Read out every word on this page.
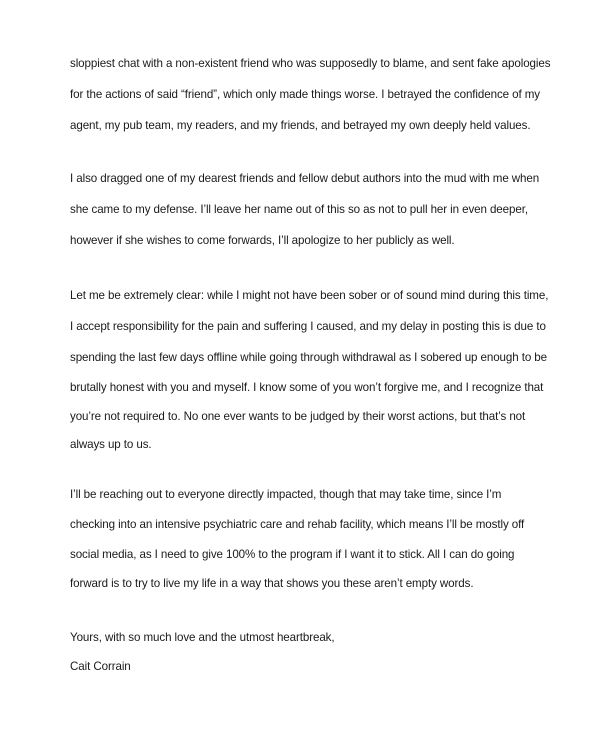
sloppiest chat with a non-existent friend who was supposedly to blame, and sent fake apologies

for the actions of said “friend”, which only made things worse. I betrayed the confidence of my

agent, my pub team, my readers, and my friends, and betrayed my own deeply held values.

I also dragged one of my dearest friends and fellow debut authors into the mud with me when

she came to my defense. I’ll leave her name out of this so as not to pull her in even deeper,

however if she wishes to come forwards, I’ll apologize to her publicly as well.

Let me be extremely clear: while I might not have been sober or of sound mind during this time,

I accept responsibility for the pain and suffering I caused, and my delay in posting this is due to

spending the last few days offline while going through withdrawal as I sobered up enough to be

brutally honest with you and myself. I know some of you won’t forgive me, and I recognize that

you’re not required to. No one ever wants to be judged by their worst actions, but that’s not

always up to us.

I’ll be reaching out to everyone directly impacted, though that may take time, since I’m

checking into an intensive psychiatric care and rehab facility, which means I’ll be mostly off

social media, as I need to give 100% to the program if I want it to stick. All I can do going

forward is to try to live my life in a way that shows you these aren’t empty words.

Yours, with so much love and the utmost heartbreak,

Cait Corrain
